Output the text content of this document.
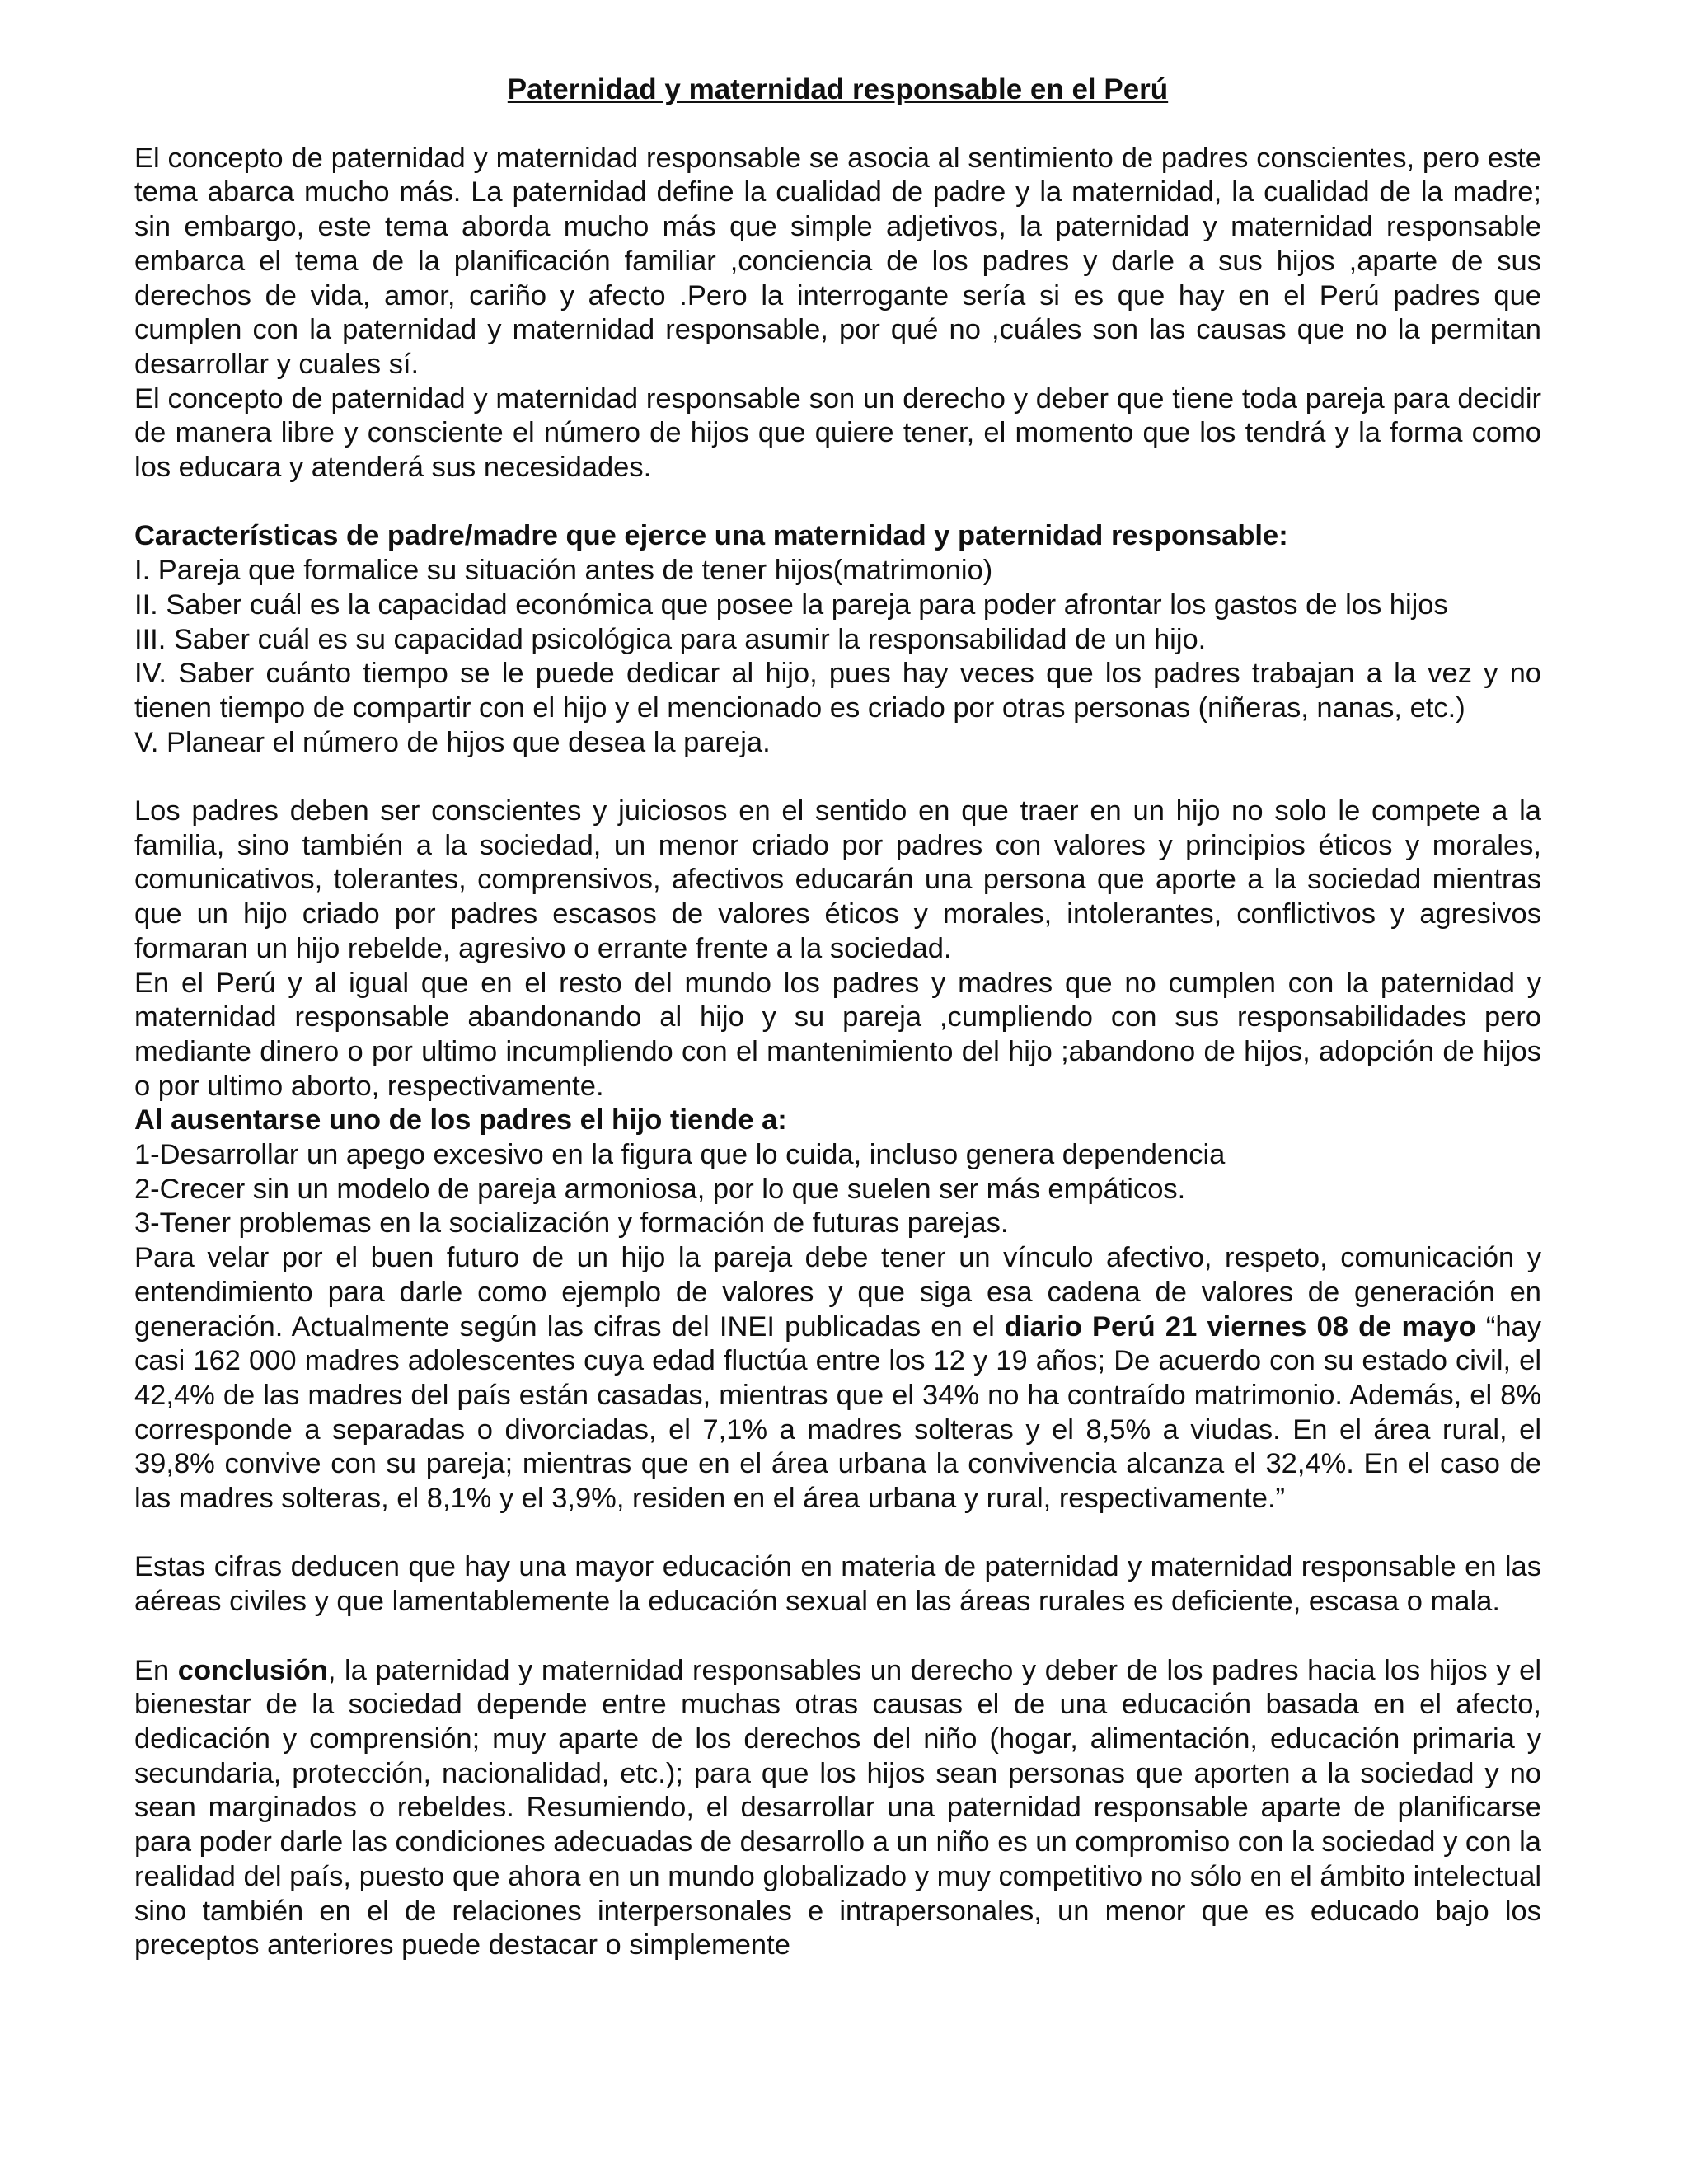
Paternidad y maternidad responsable en el Perú

El concepto de paternidad y maternidad responsable se asocia al sentimiento de padres conscientes, pero este tema abarca mucho más. La paternidad define la cualidad de padre y la maternidad, la cualidad de la madre; sin embargo, este tema aborda mucho más que simple adjetivos, la paternidad y maternidad responsable embarca el tema de la planificación familiar ,conciencia de los padres y darle a sus hijos ,aparte de sus derechos de vida, amor, cariño y afecto .Pero la interrogante sería si es que hay en el Perú padres que cumplen con la paternidad y maternidad responsable, por qué no ,cuáles son las causas que no la permitan desarrollar y cuales sí.

El concepto de paternidad y maternidad responsable son un derecho y deber que tiene toda pareja para decidir de manera libre y consciente el número de hijos que quiere tener, el momento que los tendrá y la forma como los educara y atenderá sus necesidades.

Características de padre/madre que ejerce una maternidad y paternidad responsable:

I. Pareja que formalice su situación antes de tener hijos(matrimonio)

II. Saber cuál es la capacidad económica que posee la pareja para poder afrontar los gastos de los hijos

III. Saber cuál es su capacidad psicológica para asumir la responsabilidad de un hijo.

IV. Saber cuánto tiempo se le puede dedicar al hijo, pues hay veces que los padres trabajan a la vez y no tienen tiempo de compartir con el hijo y el mencionado es criado por otras personas (niñeras, nanas, etc.)

V. Planear el número de hijos que desea la pareja.

Los padres deben ser conscientes y juiciosos en el sentido en que traer en un hijo no solo le compete a la familia, sino también a la sociedad, un menor criado por padres con valores y principios éticos y morales, comunicativos, tolerantes, comprensivos, afectivos educarán una persona que aporte a la sociedad mientras que un hijo criado por padres escasos de valores éticos y morales, intolerantes, conflictivos y agresivos formaran un hijo rebelde, agresivo o errante frente a la sociedad.

En el Perú y al igual que en el resto del mundo los padres y madres que no cumplen con la paternidad y maternidad responsable abandonando al hijo y su pareja ,cumpliendo con sus responsabilidades pero mediante dinero o por ultimo incumpliendo con el mantenimiento del hijo ;abandono de hijos, adopción de hijos o por ultimo aborto, respectivamente.

Al ausentarse uno de los padres el hijo tiende a:

1-Desarrollar un apego excesivo en la figura que lo cuida, incluso genera dependencia

2-Crecer sin un modelo de pareja armoniosa, por lo que suelen ser más empáticos.

3-Tener problemas en la socialización y formación de futuras parejas.

Para velar por el buen futuro de un hijo la pareja debe tener un vínculo afectivo, respeto, comunicación y entendimiento para darle como ejemplo de valores y que siga esa cadena de valores de generación en generación. Actualmente según las cifras del INEI publicadas en el diario Perú 21 viernes 08 de mayo “hay casi 162 000 madres adolescentes cuya edad fluctúa entre los 12 y 19 años; De acuerdo con su estado civil, el 42,4% de las madres del país están casadas, mientras que el 34% no ha contraído matrimonio. Además, el 8% corresponde a separadas o divorciadas, el 7,1% a madres solteras y el 8,5% a viudas. En el área rural, el 39,8% convive con su pareja; mientras que en el área urbana la convivencia alcanza el 32,4%. En el caso de las madres solteras, el 8,1% y el 3,9%, residen en el área urbana y rural, respectivamente.”

Estas cifras deducen que hay una mayor educación en materia de paternidad y maternidad responsable en las aéreas civiles y que lamentablemente la educación sexual en las áreas rurales es deficiente, escasa o mala.

En conclusión, la paternidad y maternidad responsables un derecho y deber de los padres hacia los hijos y el bienestar de la sociedad depende entre muchas otras causas el de una educación basada en el afecto, dedicación y comprensión; muy aparte de los derechos del niño (hogar, alimentación, educación primaria y secundaria, protección, nacionalidad, etc.); para que los hijos sean personas que aporten a la sociedad y no sean marginados o rebeldes. Resumiendo, el desarrollar una paternidad responsable aparte de planificarse para poder darle las condiciones adecuadas de desarrollo a un niño es un compromiso con la sociedad y con la realidad del país, puesto que ahora en un mundo globalizado y muy competitivo no sólo en el ámbito intelectual sino también en el de relaciones interpersonales e intrapersonales, un menor que es educado bajo los preceptos anteriores puede destacar o simplemente
